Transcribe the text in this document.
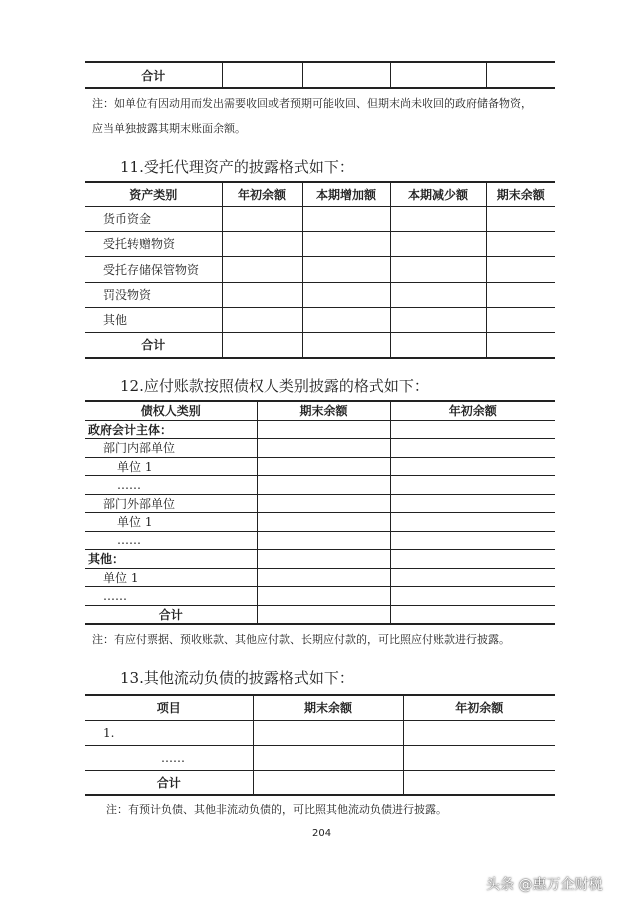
合计				
注：如单位有因动用而发出需要收回或者预期可能收回、但期末尚未收回的政府储备物资，
应当单独披露其期末账面余额。
11.受托代理资产的披露格式如下：
资产类别	年初余额	本期增加额	本期减少额	期末余额
货币资金				
受托转赠物资				
受托存储保管物资				
罚没物资				
其他				
合计				
12.应付账款按照债权人类别披露的格式如下：
债权人类别	期末余额	年初余额
政府会计主体：		
部门内部单位		
单位 1		
……		
部门外部单位		
单位 1		
……		
其他：		
单位 1		
……		
合计		
注：有应付票据、预收账款、其他应付款、长期应付款的，可比照应付账款进行披露。
13.其他流动负债的披露格式如下：
项目	期末余额	年初余额
1.		
……		
合计		
注：有预计负债、其他非流动负债的，可比照其他流动负债进行披露。
204
头条 @惠万企财税
